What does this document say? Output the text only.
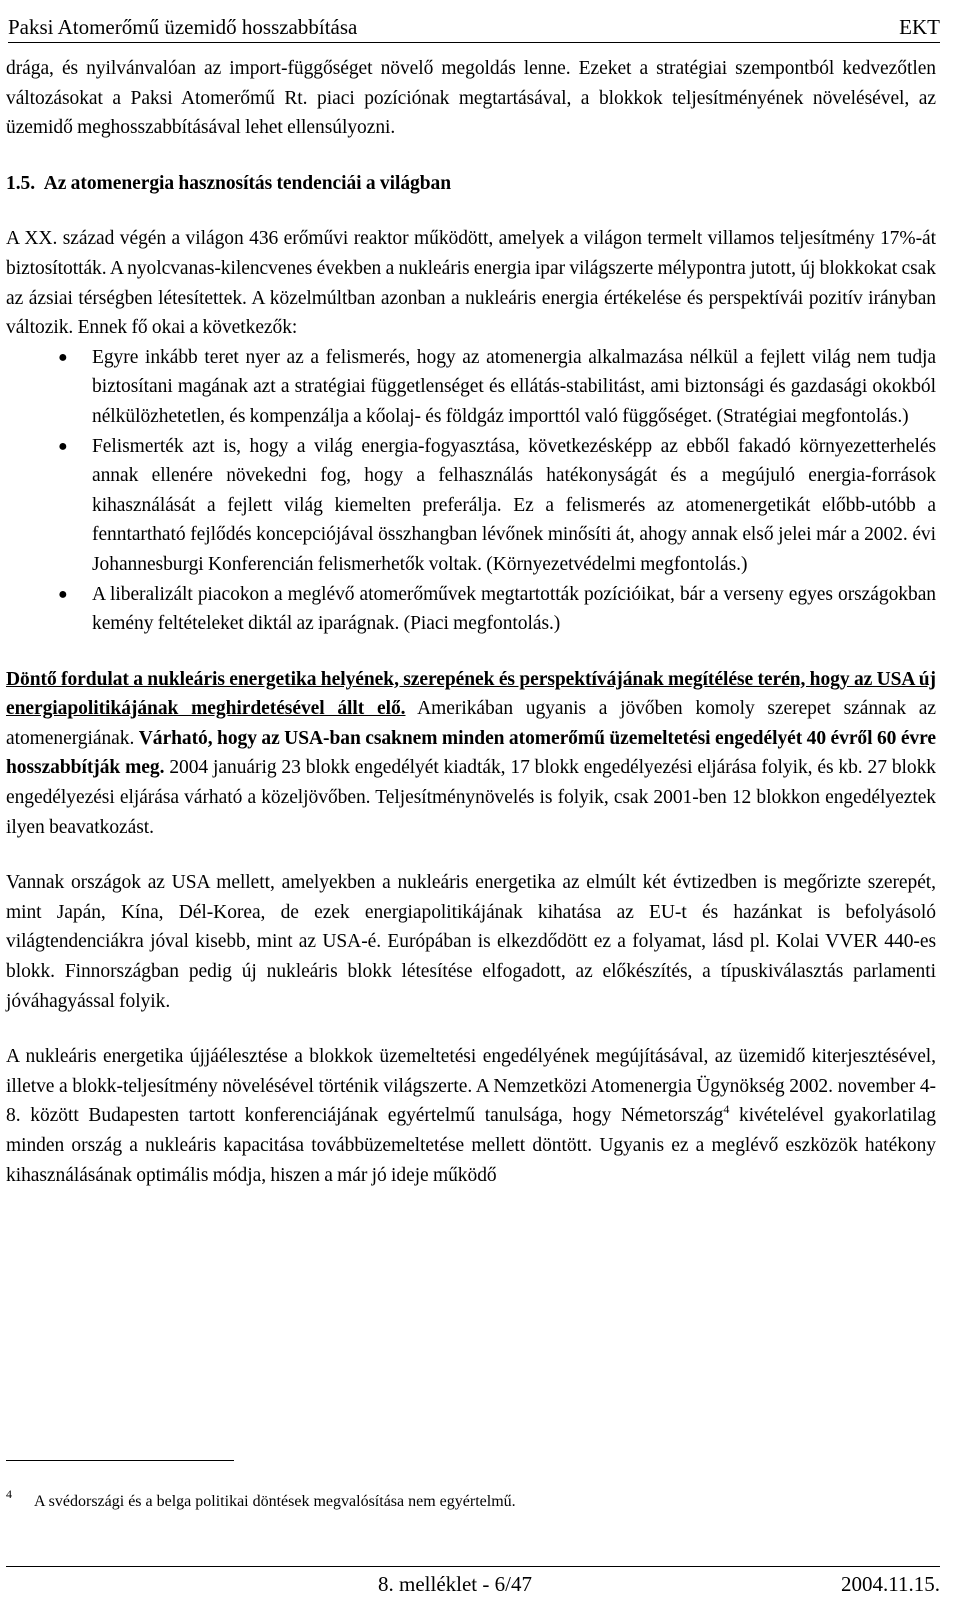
Paksi Atomerőmű üzemidő hosszabbítása	EKT

drága, és nyilvánvalóan az import-függőséget növelő megoldás lenne. Ezeket a stratégiai szempontból kedvezőtlen változásokat a Paksi Atomerőmű Rt. piaci pozíciónak megtartásával, a blokkok teljesítményének növelésével, az üzemidő meghosszabbításával lehet ellensúlyozni.

1.5. Az atomenergia hasznosítás tendenciái a világban

A XX. század végén a világon 436 erőművi reaktor működött, amelyek a világon termelt villamos teljesítmény 17%-át biztosították. A nyolcvanas-kilencvenes években a nukleáris energia ipar világszerte mélypontra jutott, új blokkokat csak az ázsiai térségben létesítettek. A közelmúltban azonban a nukleáris energia értékelése és perspektívái pozitív irányban változik. Ennek fő okai a következők:

● Egyre inkább teret nyer az a felismerés, hogy az atomenergia alkalmazása nélkül a fejlett világ nem tudja biztosítani magának azt a stratégiai függetlenséget és ellátás-stabilitást, ami biztonsági és gazdasági okokból nélkülözhetetlen, és kompenzálja a kőolaj- és földgáz importtól való függőséget. (Stratégiai megfontolás.)
● Felismerték azt is, hogy a világ energia-fogyasztása, következésképp az ebből fakadó környezetterhelés annak ellenére növekedni fog, hogy a felhasználás hatékonyságát és a megújuló energia-források kihasználását a fejlett világ kiemelten preferálja. Ez a felismerés az atomenergetikát előbb-utóbb a fenntartható fejlődés koncepciójával összhangban lévőnek minősíti át, ahogy annak első jelei már a 2002. évi Johannesburgi Konferencián felismerhetők voltak. (Környezetvédelmi megfontolás.)
● A liberalizált piacokon a meglévő atomerőművek megtartották pozícióikat, bár a verseny egyes országokban kemény feltételeket diktál az iparágnak. (Piaci megfontolás.)

Döntő fordulat a nukleáris energetika helyének, szerepének és perspektívájának megítélése terén, hogy az USA új energiapolitikájának meghirdetésével állt elő. Amerikában ugyanis a jövőben komoly szerepet szánnak az atomenergiának. Várható, hogy az USA-ban csaknem minden atomerőmű üzemeltetési engedélyét 40 évről 60 évre hosszabbítják meg. 2004 januárig 23 blokk engedélyét kiadták, 17 blokk engedélyezési eljárása folyik, és kb. 27 blokk engedélyezési eljárása várható a közeljövőben. Teljesítménynövelés is folyik, csak 2001-ben 12 blokkon engedélyeztek ilyen beavatkozást.

Vannak országok az USA mellett, amelyekben a nukleáris energetika az elmúlt két évtizedben is megőrizte szerepét, mint Japán, Kína, Dél-Korea, de ezek energiapolitikájának kihatása az EU-t és hazánkat is befolyásoló világtendenciákra jóval kisebb, mint az USA-é. Európában is elkezdődött ez a folyamat, lásd pl. Kolai VVER 440-es blokk. Finnországban pedig új nukleáris blokk létesítése elfogadott, az előkészítés, a típuskiválasztás parlamenti jóváhagyással folyik.

A nukleáris energetika újjáélesztése a blokkok üzemeltetési engedélyének megújításával, az üzemidő kiterjesztésével, illetve a blokk-teljesítmény növelésével történik világszerte. A Nemzetközi Atomenergia Ügynökség 2002. november 4-8. között Budapesten tartott konferenciájának egyértelmű tanulsága, hogy Németország$^4$ kivételével gyakorlatilag minden ország a nukleáris kapacitása továbbüzemeltetése mellett döntött. Ugyanis ez a meglévő eszközök hatékony kihasználásának optimális módja, hiszen a már jó ideje működő

4 A svédországi és a belga politikai döntések megvalósítása nem egyértelmű.
8. melléklet - 6/47	2004.11.15.
